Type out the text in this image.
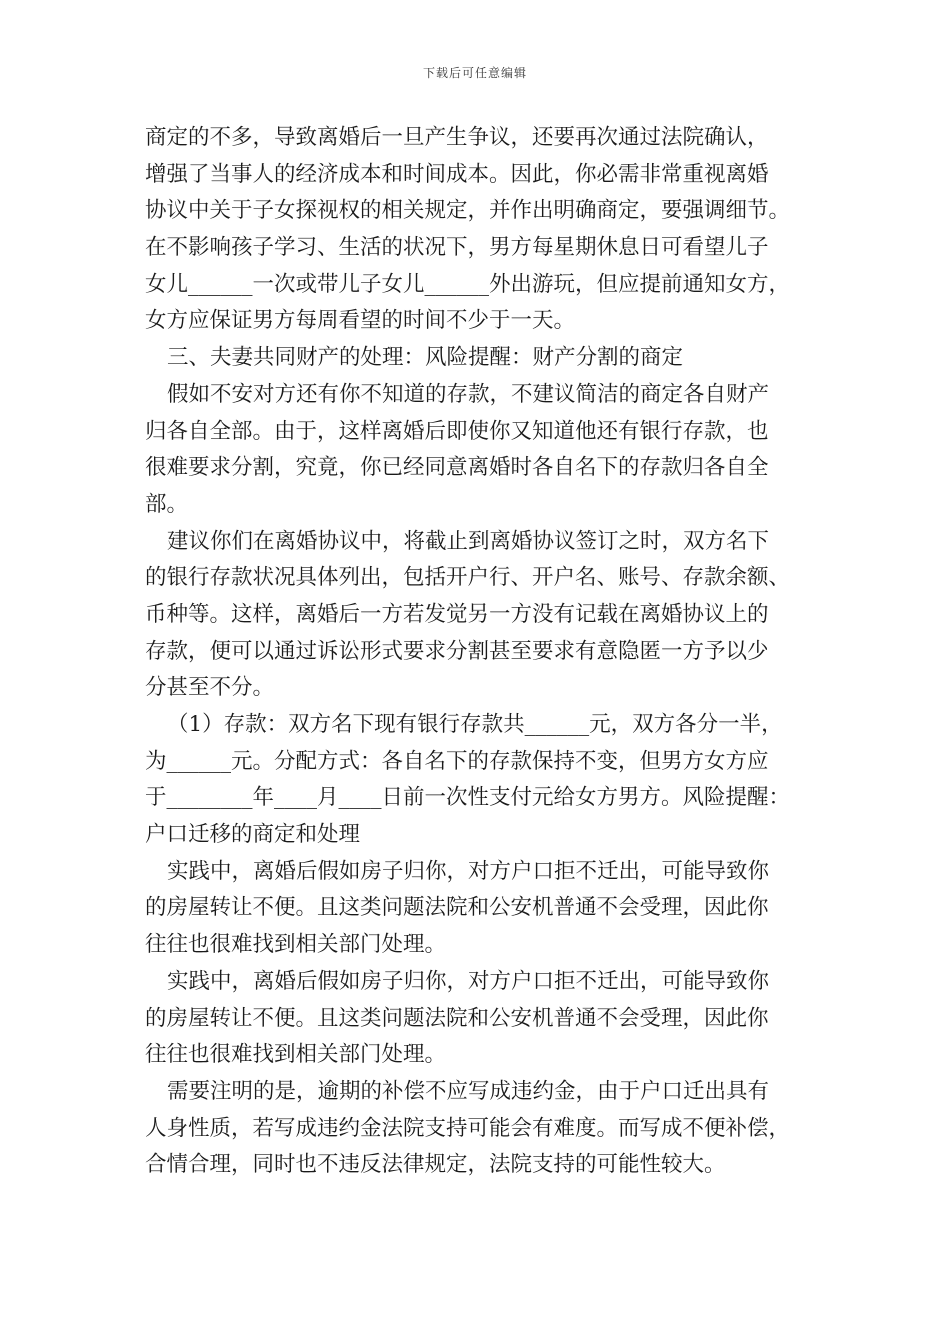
下载后可任意编辑
商定的不多，导致离婚后一旦产生争议，还要再次通过法院确认，
增强了当事人的经济成本和时间成本。因此，你必需非常重视离婚
协议中关于子女探视权的相关规定，并作出明确商定，要强调细节。
在不影响孩子学习、生活的状况下，男方每星期休息日可看望儿子
女儿______一次或带儿子女儿______外出游玩，但应提前通知女方，
女方应保证男方每周看望的时间不少于一天。
三、夫妻共同财产的处理：风险提醒：财产分割的商定
假如不安对方还有你不知道的存款，不建议简洁的商定各自财产
归各自全部。由于，这样离婚后即使你又知道他还有银行存款，也
很难要求分割，究竟，你已经同意离婚时各自名下的存款归各自全
部。
建议你们在离婚协议中，将截止到离婚协议签订之时，双方名下
的银行存款状况具体列出，包括开户行、开户名、账号、存款余额、
币种等。这样，离婚后一方若发觉另一方没有记载在离婚协议上的
存款，便可以通过诉讼形式要求分割甚至要求有意隐匿一方予以少
分甚至不分。
（1）存款：双方名下现有银行存款共______元，双方各分一半，
为______元。分配方式：各自名下的存款保持不变，但男方女方应
于________年____月____日前一次性支付元给女方男方。风险提醒：
户口迁移的商定和处理
实践中，离婚后假如房子归你，对方户口拒不迁出，可能导致你
的房屋转让不便。且这类问题法院和公安机普通不会受理，因此你
往往也很难找到相关部门处理。
实践中，离婚后假如房子归你，对方户口拒不迁出，可能导致你
的房屋转让不便。且这类问题法院和公安机普通不会受理，因此你
往往也很难找到相关部门处理。
需要注明的是，逾期的补偿不应写成违约金，由于户口迁出具有
人身性质，若写成违约金法院支持可能会有难度。而写成不便补偿，
合情合理，同时也不违反法律规定，法院支持的可能性较大。
